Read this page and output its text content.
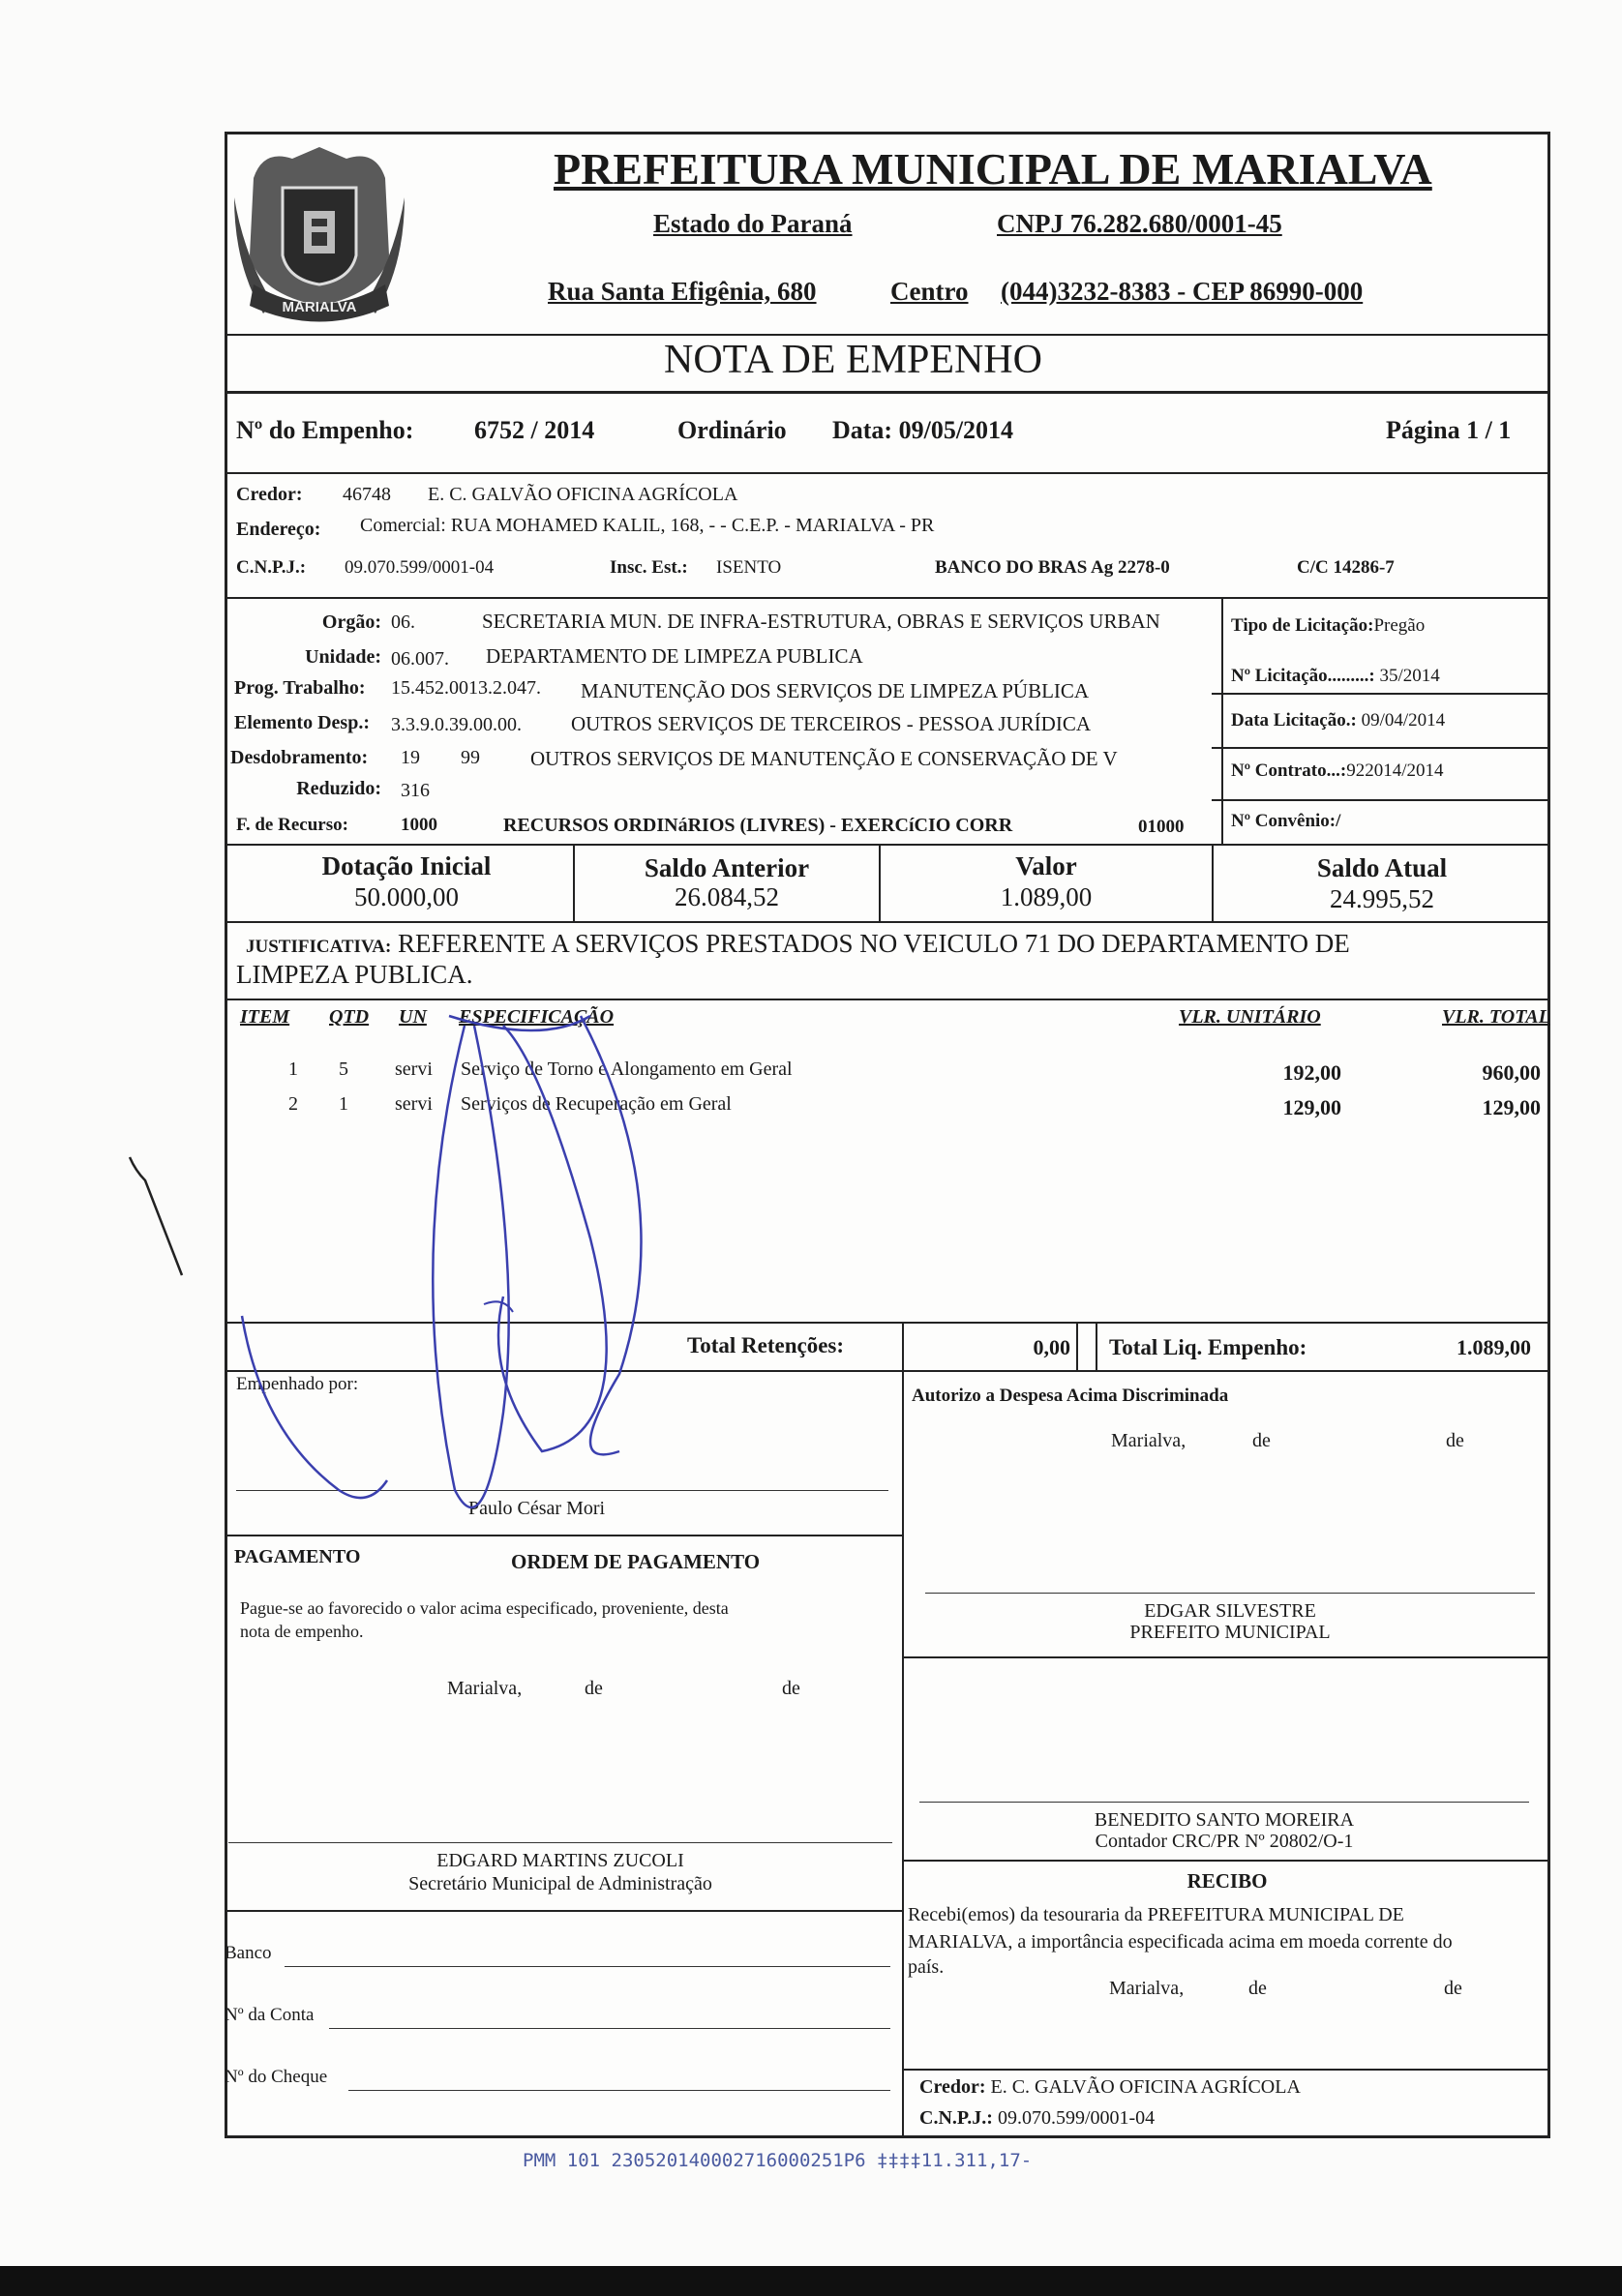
MARIALVA
PREFEITURA MUNICIPAL DE MARIALVA
Estado do Paraná	CNPJ 76.282.680/0001-45
Rua Santa Efigênia, 680	Centro (044)3232-8383 - CEP 86990-000
NOTA DE EMPENHO
Nº do Empenho: 6752 / 2014	Ordinário Data: 09/05/2014	Página 1 / 1
Credor: 46748 E. C. GALVÃO OFICINA AGRÍCOLA
Endereço: Comercial: RUA MOHAMED KALIL, 168, - - C.E.P. - MARIALVA - PR
C.N.P.J.: 09.070.599/0001-04	Insc. Est.: ISENTO	BANCO DO BRAS Ag 2278-0	C/C 14286-7
Orgão: 06.	SECRETARIA MUN. DE INFRA-ESTRUTURA, OBRAS E SERVIÇOS URBAN
Unidade: 06.007. DEPARTAMENTO DE LIMPEZA PUBLICA
Prog. Trabalho: 15.452.0013.2.047. MANUTENÇÃO DOS SERVIÇOS DE LIMPEZA PÚBLICA
Elemento Desp.: 3.3.9.0.39.00.00. OUTROS SERVIÇOS DE TERCEIROS - PESSOA JURÍDICA
Desdobramento: 19 99 OUTROS SERVIÇOS DE MANUTENÇÃO E CONSERVAÇÃO DE V
Reduzido: 316
F. de Recurso:	1000	RECURSOS ORDINáRIOS (LIVRES) - EXERCíCIO CORR	01000
Tipo de Licitação:Pregão
Nº Licitação.........: 35/2014
Data Licitação.: 09/04/2014
Nº Contrato...:922014/2014
Nº Convênio:/
Dotação Inicial
50.000,00
Saldo Anterior
26.084,52
Valor
1.089,00
Saldo Atual
24.995,52
JUSTIFICATIVA: REFERENTE A SERVIÇOS PRESTADOS NO VEICULO 71 DO DEPARTAMENTO DE
LIMPEZA PUBLICA.
ITEM QTD UN ESPECIFICAÇÃO	VLR. UNITÁRIO	VLR. TOTAL
1 5 servi Serviço de Torno e Alongamento em Geral	192,00	960,00
2 1 servi Serviços de Recuperação em Geral	129,00	129,00
Total Retenções:	0,00 Total Liq. Empenho:	1.089,00
Empenhado por:
Paulo César Mori
Autorizo a Despesa Acima Discriminada
Marialva,	de	de
EDGAR SILVESTRE
PREFEITO MUNICIPAL
PAGAMENTO	ORDEM DE PAGAMENTO
Pague-se ao favorecido o valor acima especificado, proveniente, desta
nota de empenho.
Marialva,	de	de
EDGARD MARTINS ZUCOLI
Secretário Municipal de Administração
BENEDITO SANTO MOREIRA
Contador CRC/PR Nº 20802/O-1
RECIBO
Recebi(emos) da tesouraria da PREFEITURA MUNICIPAL DE
MARIALVA, a importância especificada acima em moeda corrente do
país.
Marialva,	de	de
Banco
Nº da Conta
Nº do Cheque	Credor: E. C. GALVÃO OFICINA AGRÍCOLA
C.N.P.J.: 09.070.599/0001-04
PMM 101 230520140002716000251P6 ‡‡‡‡11.311,17-
